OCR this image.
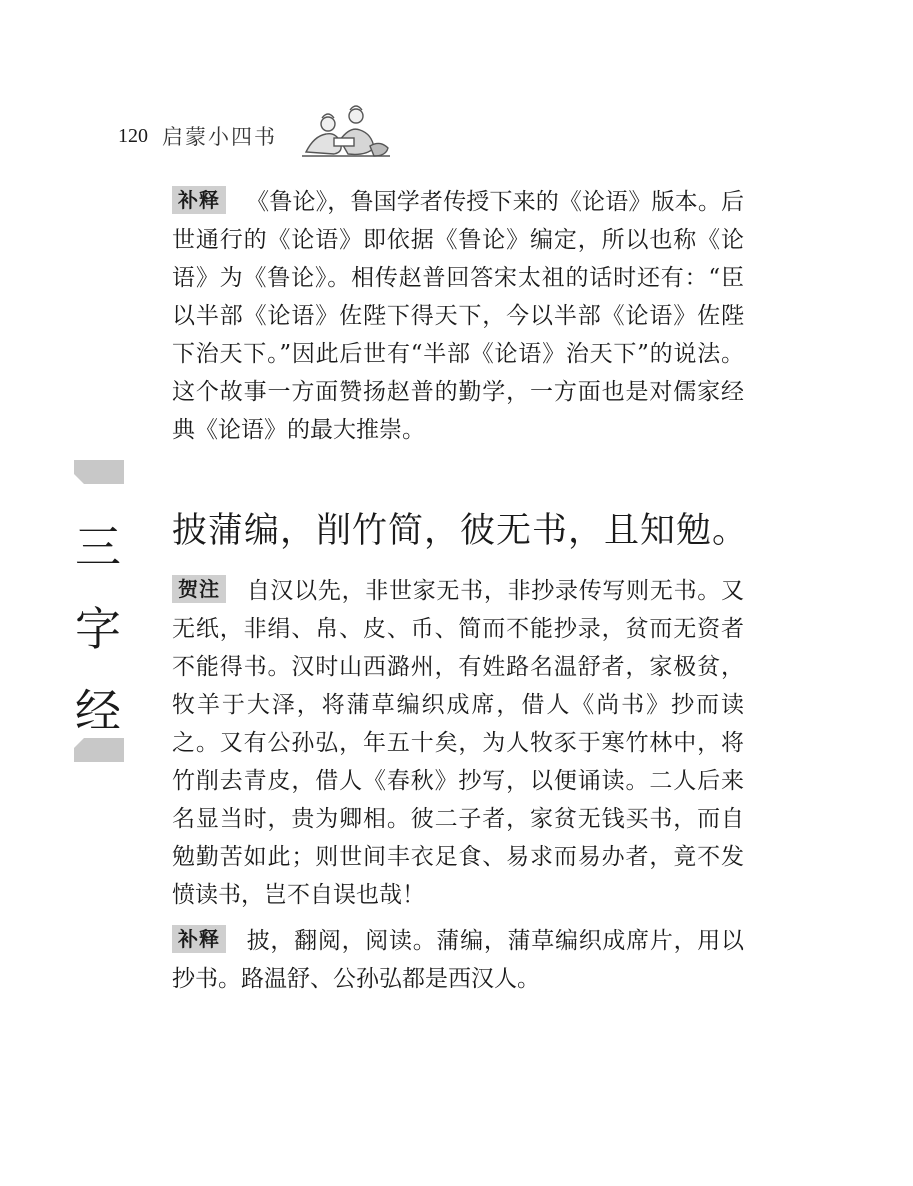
120 启蒙小四书
三
字
经

补释 《鲁论》，鲁国学者传授下来的《论语》版本。后世通行的《论语》即依据《鲁论》编定，所以也称《论语》为《鲁论》。相传赵普回答宋太祖的话时还有：“臣以半部《论语》佐陛下得天下，今以半部《论语》佐陛下治天下。”因此后世有“半部《论语》治天下”的说法。这个故事一方面赞扬赵普的勤学，一方面也是对儒家经典《论语》的最大推崇。

披蒲编，削竹简，彼无书，且知勉。

贺注 自汉以先，非世家无书，非抄录传写则无书。又无纸，非绢、帛、皮、币、简而不能抄录，贫而无资者不能得书。汉时山西潞州，有姓路名温舒者，家极贫，牧羊于大泽，将蒲草编织成席，借人《尚书》抄而读之。又有公孙弘，年五十矣，为人牧豕于寒竹林中，将竹削去青皮，借人《春秋》抄写，以便诵读。二人后来名显当时，贵为卿相。彼二子者，家贫无钱买书，而自勉勤苦如此；则世间丰衣足食、易求而易办者，竟不发愤读书，岂不自误也哉！

补释 披，翻阅，阅读。蒲编，蒲草编织成席片，用以抄书。路温舒、公孙弘都是西汉人。
